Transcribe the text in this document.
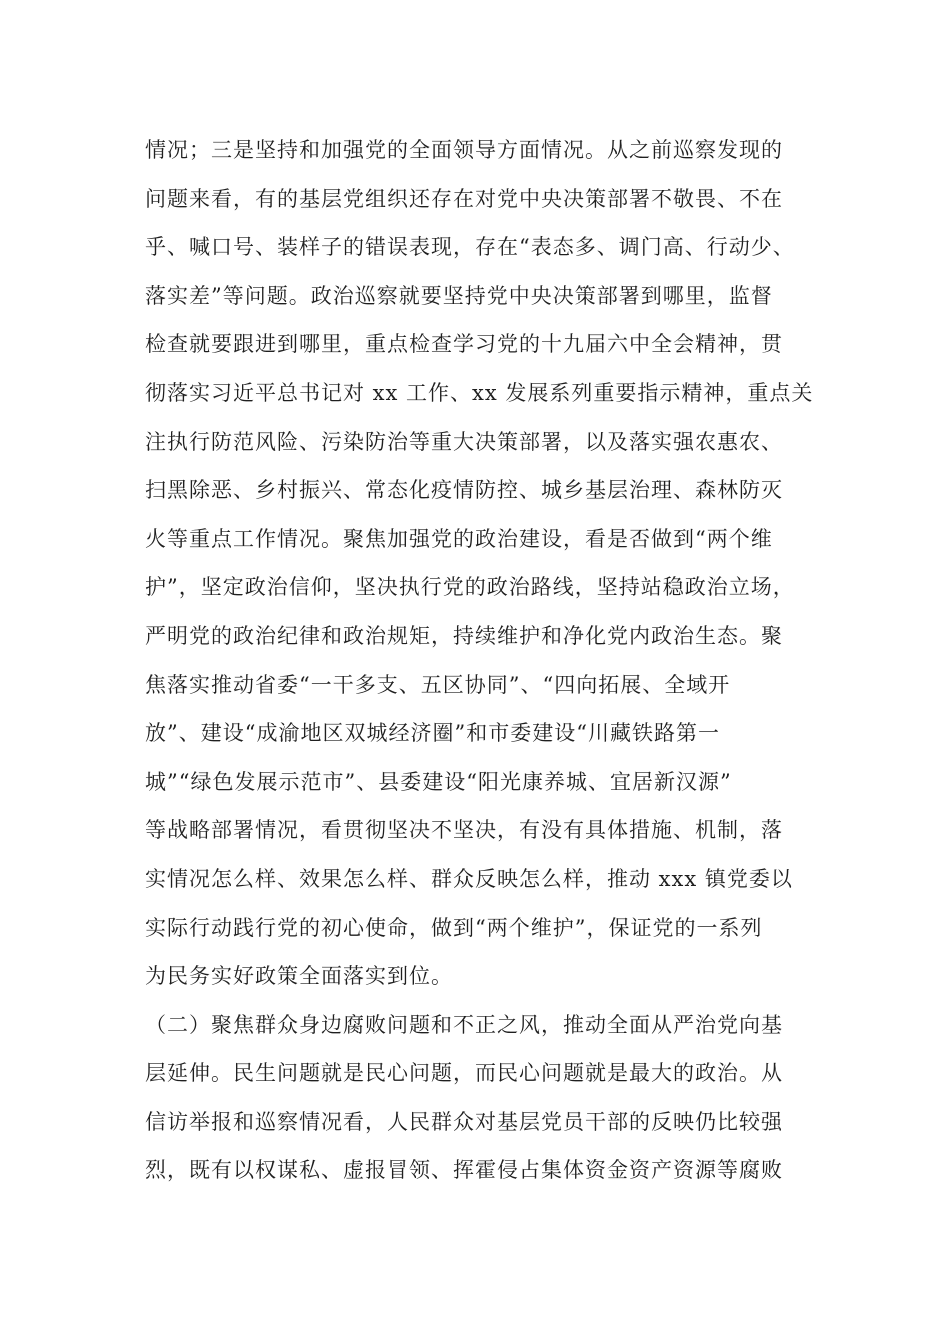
情况；三是坚持和加强党的全面领导方面情况。从之前巡察发现的
问题来看，有的基层党组织还存在对党中央决策部署不敬畏、不在
乎、喊口号、装样子的错误表现，存在“表态多、调门高、行动少、
落实差”等问题。政治巡察就要坚持党中央决策部署到哪里，监督
检查就要跟进到哪里，重点检查学习党的十九届六中全会精神，贯
彻落实习近平总书记对 xx 工作、xx 发展系列重要指示精神，重点关
注执行防范风险、污染防治等重大决策部署，以及落实强农惠农、
扫黑除恶、乡村振兴、常态化疫情防控、城乡基层治理、森林防灭
火等重点工作情况。聚焦加强党的政治建设，看是否做到“两个维
护”，坚定政治信仰，坚决执行党的政治路线，坚持站稳政治立场，
严明党的政治纪律和政治规矩，持续维护和净化党内政治生态。聚
焦落实推动省委“一干多支、五区协同”、“四向拓展、全域开
放”、建设“成渝地区双城经济圈”和市委建设“川藏铁路第一
城”“绿色发展示范市”、县委建设“阳光康养城、宜居新汉源”
等战略部署情况，看贯彻坚决不坚决，有没有具体措施、机制，落
实情况怎么样、效果怎么样、群众反映怎么样，推动 xxx 镇党委以
实际行动践行党的初心使命，做到“两个维护”，保证党的一系列
为民务实好政策全面落实到位。
（二）聚焦群众身边腐败问题和不正之风，推动全面从严治党向基
层延伸。民生问题就是民心问题，而民心问题就是最大的政治。从
信访举报和巡察情况看，人民群众对基层党员干部的反映仍比较强
烈，既有以权谋私、虚报冒领、挥霍侵占集体资金资产资源等腐败
